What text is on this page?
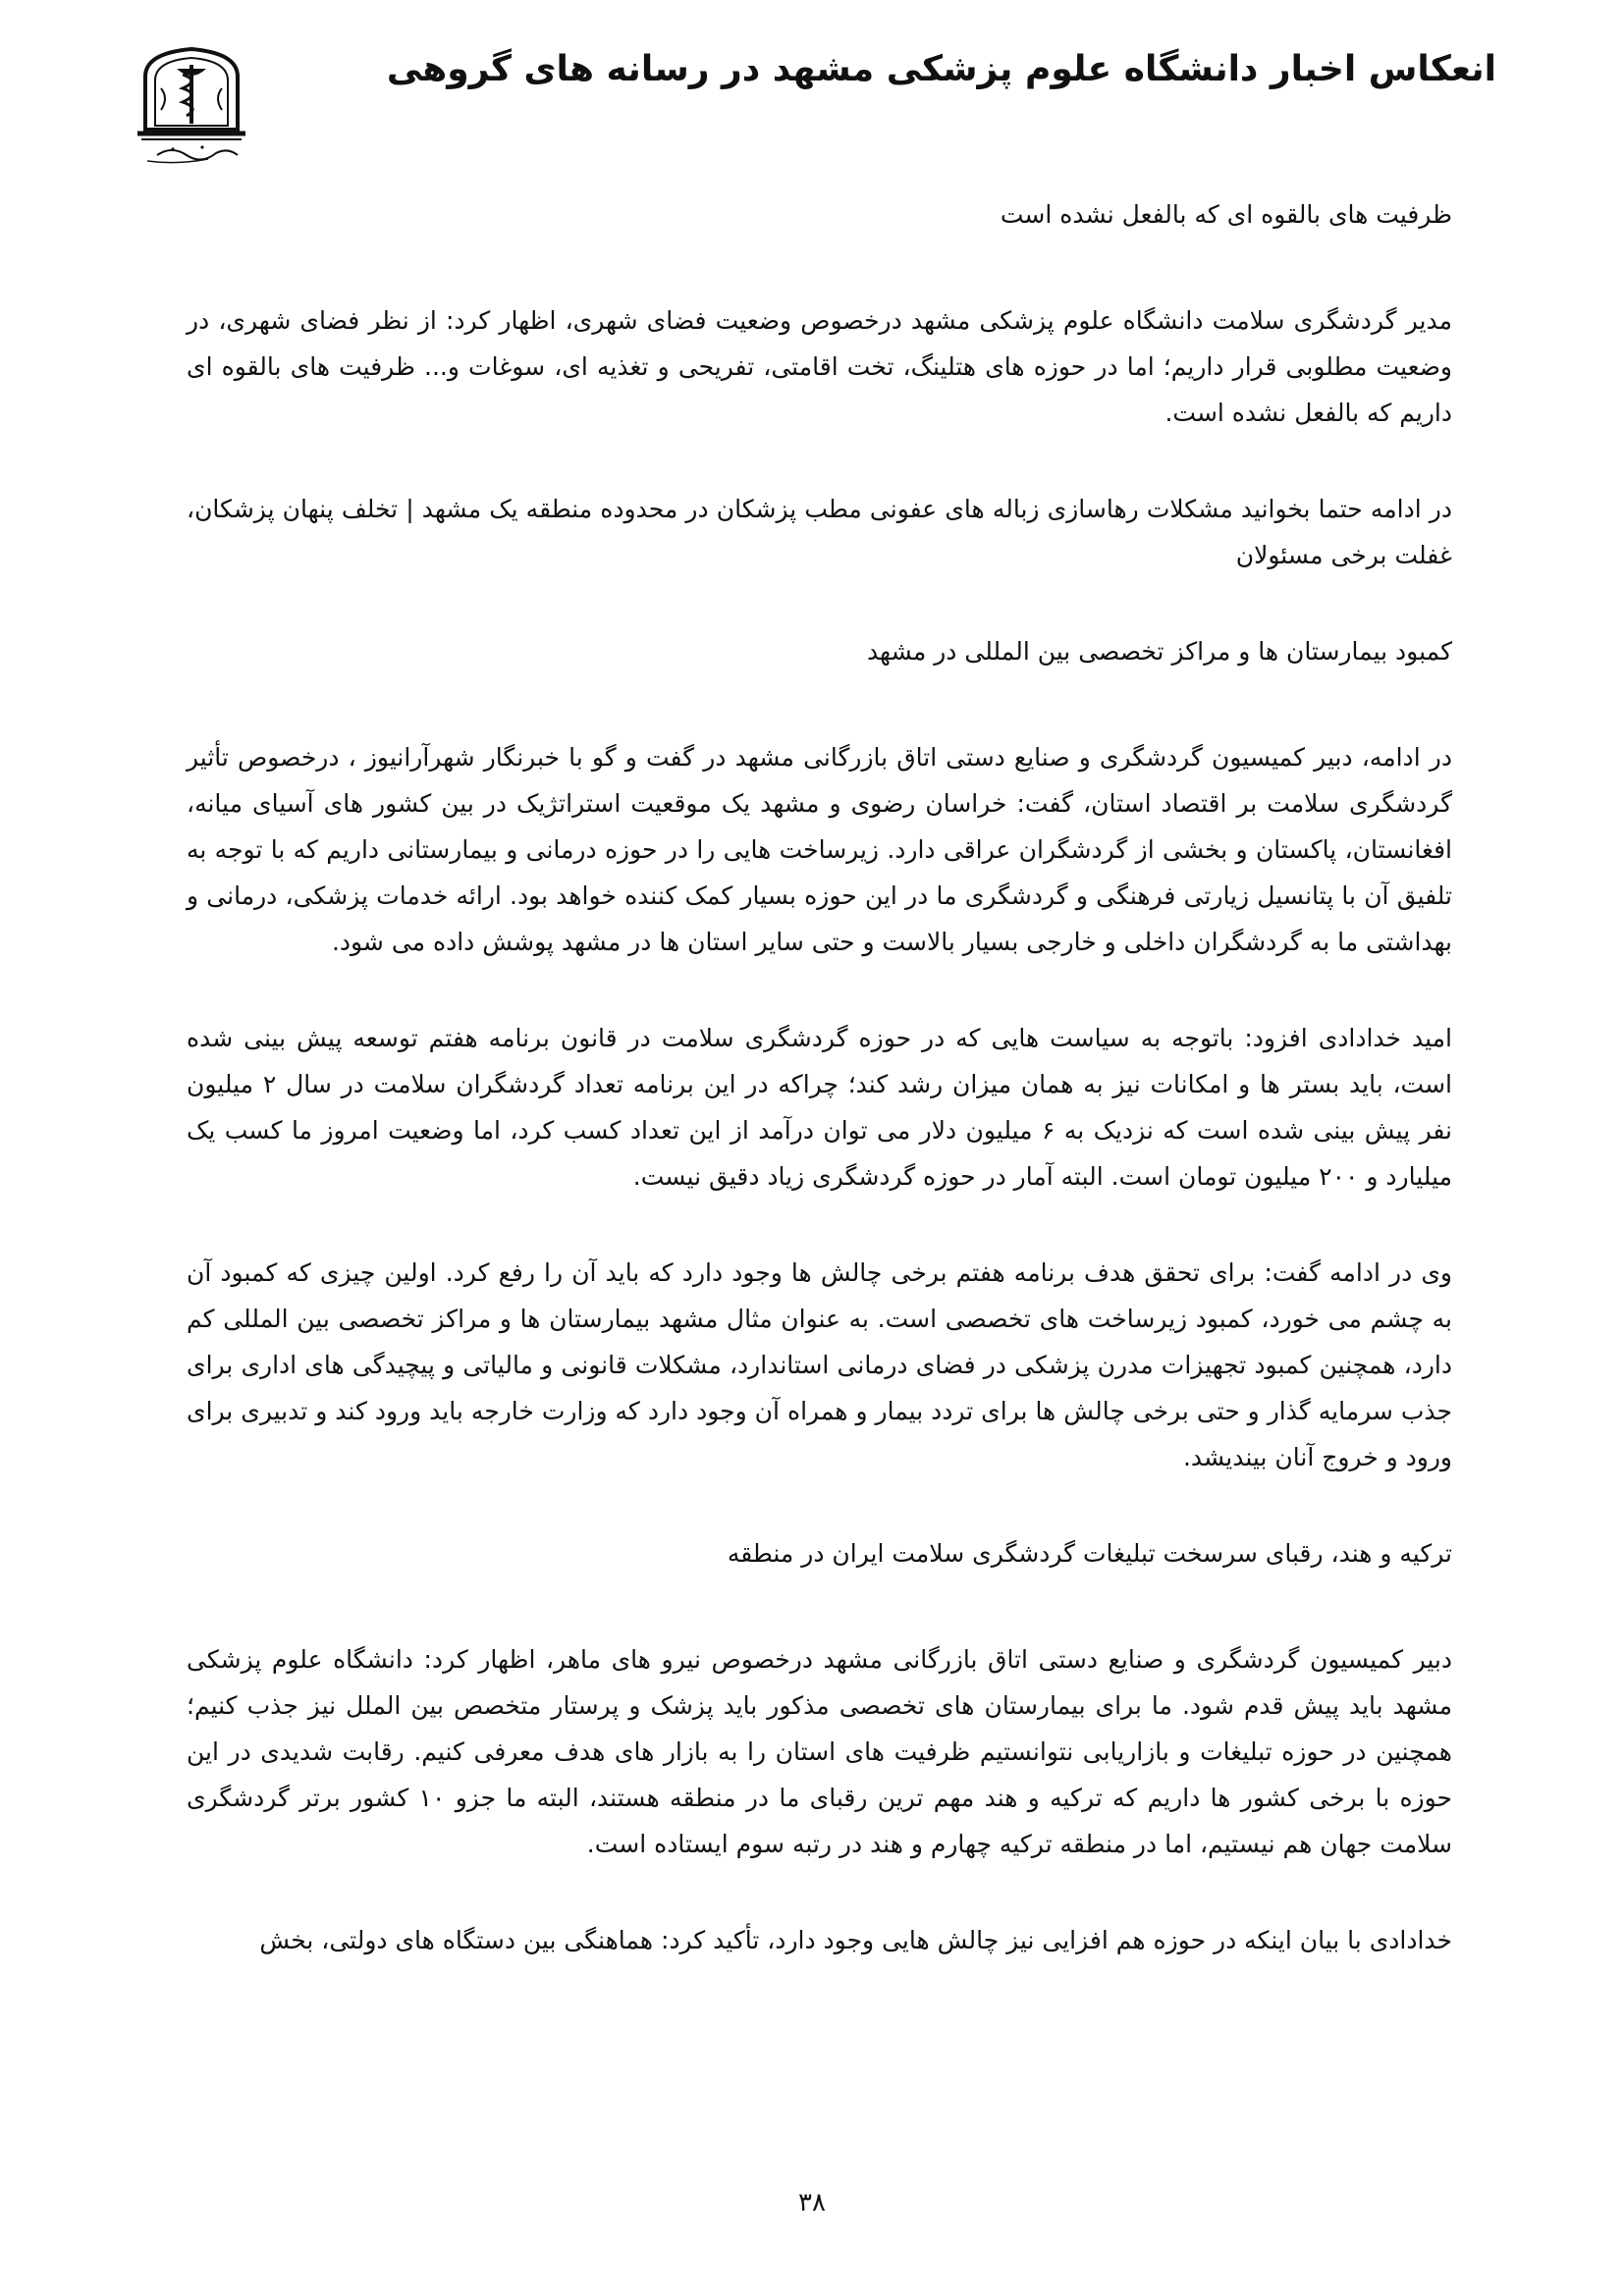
انعکاس اخبار دانشگاه علوم پزشکی مشهد در رسانه های گروهی

ظرفیت های بالقوه ای که بالفعل نشده است

مدیر گردشگری سلامت دانشگاه علوم پزشکی مشهد درخصوص وضعیت فضای شهری، اظهار کرد: از نظر فضای شهری، در وضعیت مطلوبی قرار داریم؛ اما در حوزه های هتلینگ، تخت اقامتی، تفریحی و تغذیه ای، سوغات و... ظرفیت های بالقوه ای داریم که بالفعل نشده است.

در ادامه حتما بخوانید مشکلات رهاسازی زباله های عفونی مطب پزشکان در محدوده منطقه یک مشهد | تخلف پنهان پزشکان، غفلت برخی مسئولان

کمبود بیمارستان ها و مراکز تخصصی بین المللی در مشهد

در ادامه، دبیر کمیسیون گردشگری و صنایع دستی اتاق بازرگانی مشهد در گفت و گو با خبرنگار شهرآرانیوز ، درخصوص تأثیر گردشگری سلامت بر اقتصاد استان، گفت: خراسان رضوی و مشهد یک موقعیت استراتژیک در بین کشور های آسیای میانه، افغانستان، پاکستان و بخشی از گردشگران عراقی دارد. زیرساخت هایی را در حوزه درمانی و بیمارستانی داریم که با توجه به تلفیق آن با پتانسیل زیارتی فرهنگی و گردشگری ما در این حوزه بسیار کمک کننده خواهد بود. ارائه خدمات پزشکی، درمانی و بهداشتی ما به گردشگران داخلی و خارجی بسیار بالاست و حتی سایر استان ها در مشهد پوشش داده می شود.

امید خدادادی افزود: باتوجه به سیاست هایی که در حوزه گردشگری سلامت در قانون برنامه هفتم توسعه پیش بینی شده است، باید بستر ها و امکانات نیز به همان میزان رشد کند؛ چراکه در این برنامه تعداد گردشگران سلامت در سال ۲ میلیون نفر پیش بینی شده است که نزدیک به ۶ میلیون دلار می توان درآمد از این تعداد کسب کرد، اما وضعیت امروز ما کسب یک میلیارد و ۲۰۰ میلیون تومان است. البته آمار در حوزه گردشگری زیاد دقیق نیست.

وی در ادامه گفت: برای تحقق هدف برنامه هفتم برخی چالش ها وجود دارد که باید آن را رفع کرد. اولین چیزی که کمبود آن به چشم می خورد، کمبود زیرساخت های تخصصی است. به عنوان مثال مشهد بیمارستان ها و مراکز تخصصی بین المللی کم دارد، همچنین کمبود تجهیزات مدرن پزشکی در فضای درمانی استاندارد، مشکلات قانونی و مالیاتی و پیچیدگی های اداری برای جذب سرمایه گذار و حتی برخی چالش ها برای تردد بیمار و همراه آن وجود دارد که وزارت خارجه باید ورود کند و تدبیری برای ورود و خروج آنان بیندیشد.

ترکیه و هند، رقبای سرسخت تبلیغات گردشگری سلامت ایران در منطقه

دبیر کمیسیون گردشگری و صنایع دستی اتاق بازرگانی مشهد درخصوص نیرو های ماهر، اظهار کرد: دانشگاه علوم پزشکی مشهد باید پیش قدم شود. ما برای بیمارستان های تخصصی مذکور باید پزشک و پرستار متخصص بین الملل نیز جذب کنیم؛ همچنین در حوزه تبلیغات و بازاریابی نتوانستیم ظرفیت های استان را به بازار های هدف معرفی کنیم. رقابت شدیدی در این حوزه با برخی کشور ها داریم که ترکیه و هند مهم ترین رقبای ما در منطقه هستند، البته ما جزو ۱۰ کشور برتر گردشگری سلامت جهان هم نیستیم، اما در منطقه ترکیه چهارم و هند در رتبه سوم ایستاده است.

خدادادی با بیان اینکه در حوزه هم افزایی نیز چالش هایی وجود دارد، تأکید کرد: هماهنگی بین دستگاه های دولتی، بخش

۳۸
